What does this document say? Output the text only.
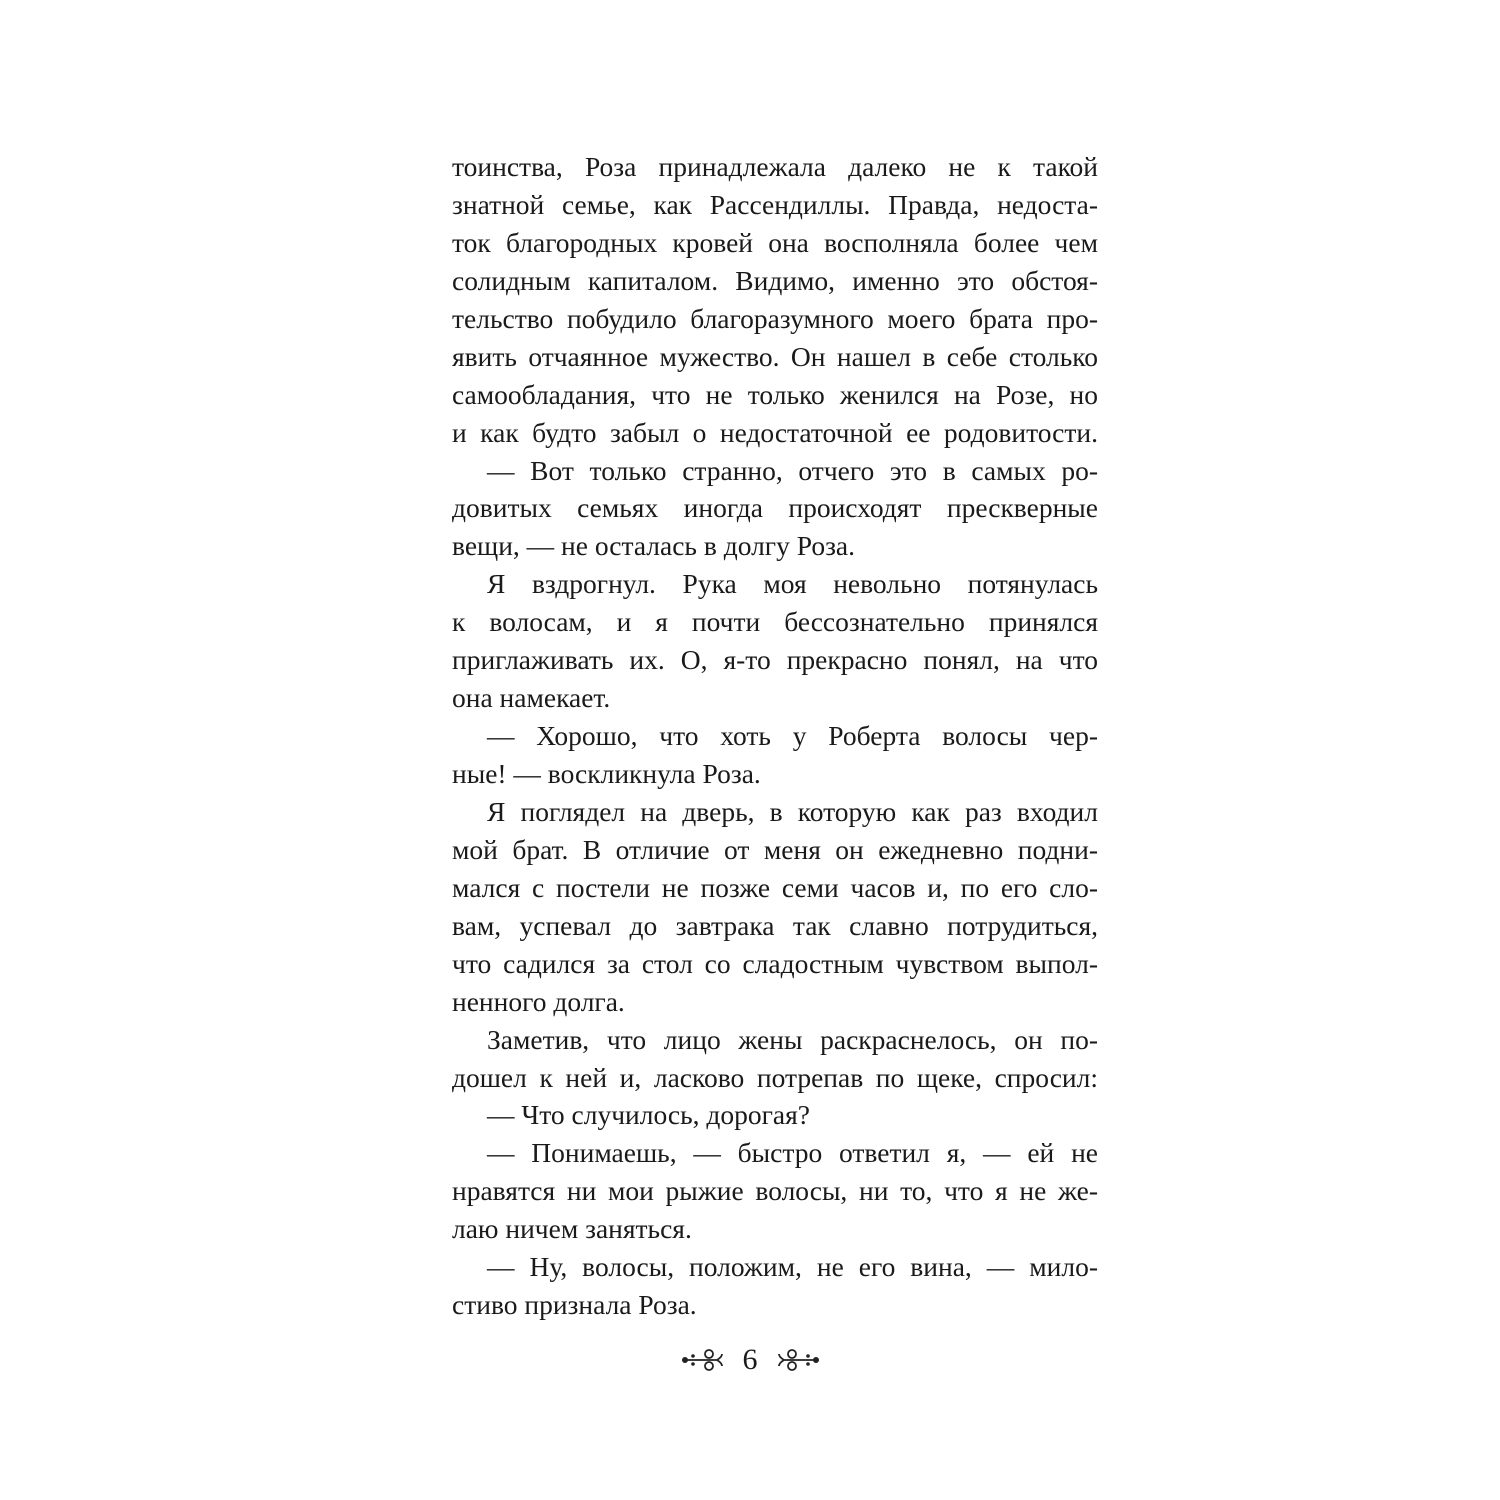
тоинства, Роза принадлежала далеко не к такой
знатной семье, как Рассендиллы. Правда, недоста-
ток благородных кровей она восполняла более чем
солидным капиталом. Видимо, именно это обстоя-
тельство побудило благоразумного моего брата про-
явить отчаянное мужество. Он нашел в себе столько
самообладания, что не только женился на Розе, но
и как будто забыл о недостаточной ее родовитости.
— Вот только странно, отчего это в самых ро-
довитых семьях иногда происходят прескверные
вещи, — не осталась в долгу Роза.
Я вздрогнул. Рука моя невольно потянулась
к волосам, и я почти бессознательно принялся
приглаживать их. О, я-то прекрасно понял, на что
она намекает.
— Хорошо, что хоть у Роберта волосы чер-
ные! — воскликнула Роза.
Я поглядел на дверь, в которую как раз входил
мой брат. В отличие от меня он ежедневно подни-
мался с постели не позже семи часов и, по его сло-
вам, успевал до завтрака так славно потрудиться,
что садился за стол со сладостным чувством выпол-
ненного долга.
Заметив, что лицо жены раскраснелось, он по-
дошел к ней и, ласково потрепав по щеке, спросил:
— Что случилось, дорогая?
— Понимаешь, — быстро ответил я, — ей не
нравятся ни мои рыжие волосы, ни то, что я не же-
лаю ничем заняться.
— Ну, волосы, положим, не его вина, — мило-
стиво признала Роза.
6
